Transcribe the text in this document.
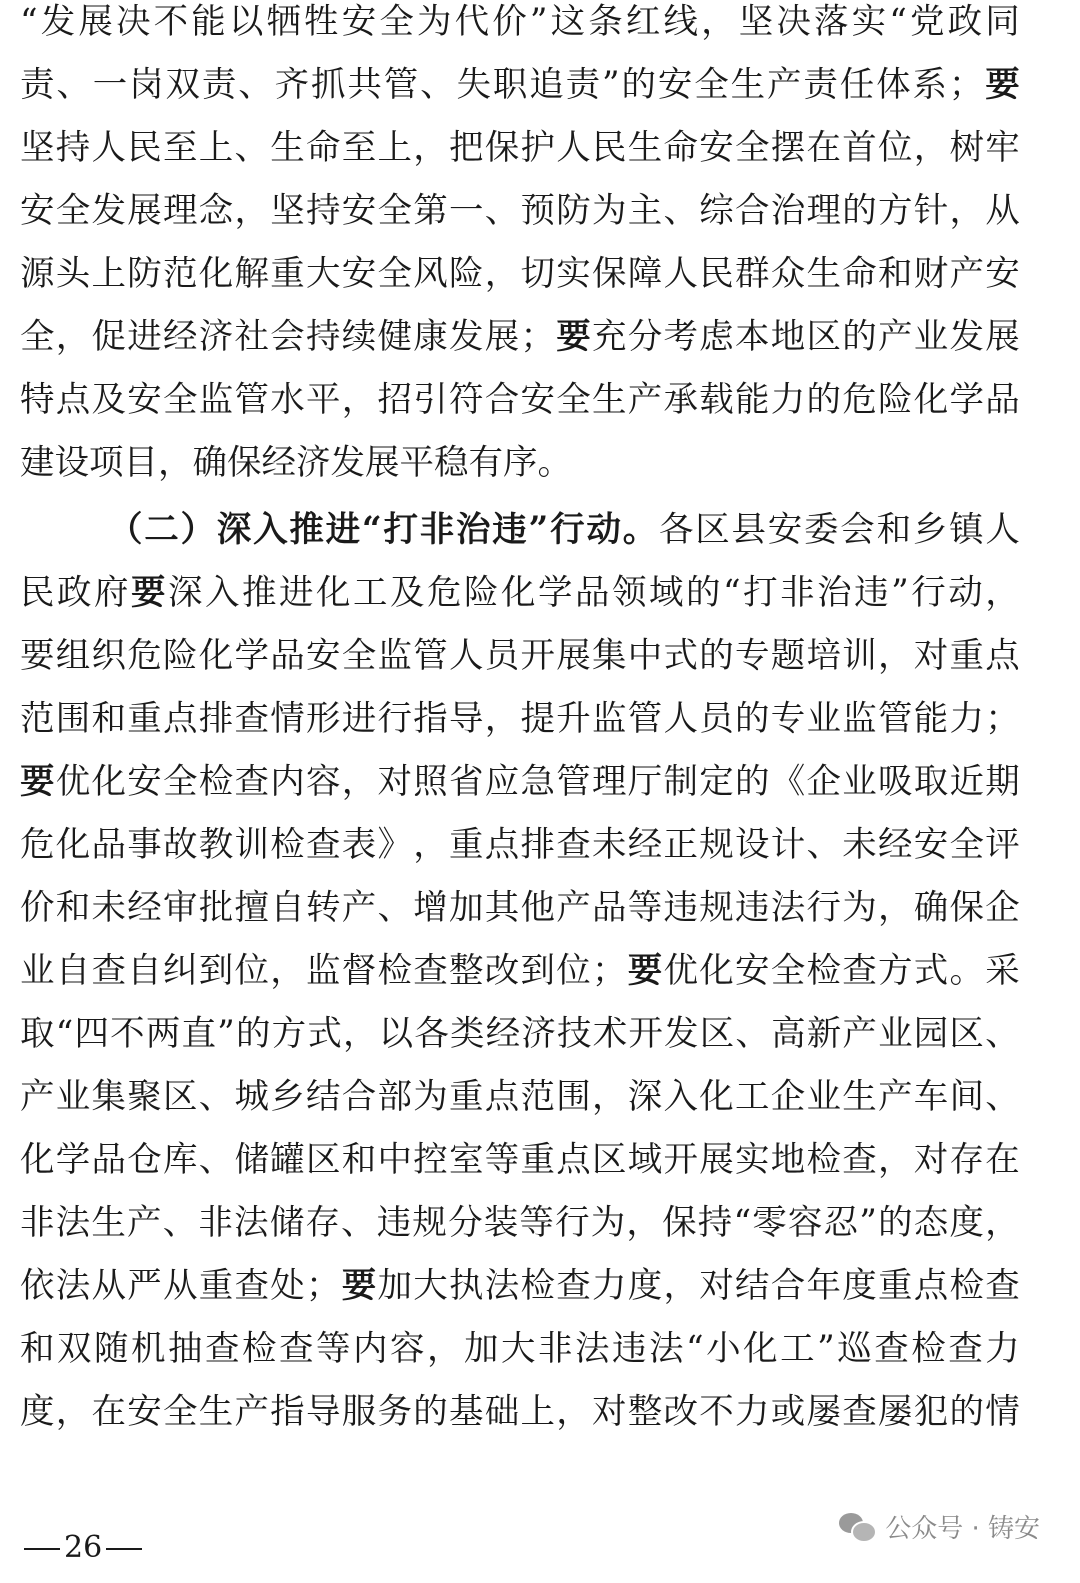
“ 发 展 决 不 能 以 牺 牲 安 全 为 代 价 ” 这 条 红 线 ， 坚 决 落 实 “ 党 政 同
责 、 一 岗 双 责 、 齐 抓 共 管 、 失 职 追 责 ” 的 安 全 生 产 责 任 体 系 ； 要
坚 持 人 民 至 上 、 生 命 至 上 ， 把 保 护 人 民 生 命 安 全 摆 在 首 位 ， 树 牢
安 全 发 展 理 念 ， 坚 持 安 全 第 一 、 预 防 为 主 、 综 合 治 理 的 方 针 ， 从
源 头 上 防 范 化 解 重 大 安 全 风 险 ， 切 实 保 障 人 民 群 众 生 命 和 财 产 安
全 ， 促 进 经 济 社 会 持 续 健 康 发 展 ； 要 充 分 考 虑 本 地 区 的 产 业 发 展
特 点 及 安 全 监 管 水 平 ， 招 引 符 合 安 全 生 产 承 载 能 力 的 危 险 化 学 品
建 设 项 目 ， 确 保 经 济 发 展 平 稳 有 序 。
（ 二 ） 深 入 推 进 “ 打 非 治 违 ” 行 动 。 各 区 县 安 委 会 和 乡 镇 人
民 政 府 要 深 入 推 进 化 工 及 危 险 化 学 品 领 域 的 “ 打 非 治 违 ” 行 动 ，
要 组 织 危 险 化 学 品 安 全 监 管 人 员 开 展 集 中 式 的 专 题 培 训 ， 对 重 点
范 围 和 重 点 排 查 情 形 进 行 指 导 ， 提 升 监 管 人 员 的 专 业 监 管 能 力 ；
要 优 化 安 全 检 查 内 容 ， 对 照 省 应 急 管 理 厅 制 定 的 《 企 业 吸 取 近 期
危 化 品 事 故 教 训 检 查 表 》 ， 重 点 排 查 未 经 正 规 设 计 、 未 经 安 全 评
价 和 未 经 审 批 擅 自 转 产 、 增 加 其 他 产 品 等 违 规 违 法 行 为 ， 确 保 企
业 自 查 自 纠 到 位 ， 监 督 检 查 整 改 到 位 ； 要 优 化 安 全 检 查 方 式 。 采
取 “ 四 不 两 直 ” 的 方 式 ， 以 各 类 经 济 技 术 开 发 区 、 高 新 产 业 园 区 、
产 业 集 聚 区 、 城 乡 结 合 部 为 重 点 范 围 ， 深 入 化 工 企 业 生 产 车 间 、
化 学 品 仓 库 、 储 罐 区 和 中 控 室 等 重 点 区 域 开 展 实 地 检 查 ， 对 存 在
非 法 生 产 、 非 法 储 存 、 违 规 分 装 等 行 为 ， 保 持 “ 零 容 忍 ” 的 态 度 ，
依 法 从 严 从 重 查 处 ； 要 加 大 执 法 检 查 力 度 ， 对 结 合 年 度 重 点 检 查
和 双 随 机 抽 查 检 查 等 内 容 ， 加 大 非 法 违 法 “ 小 化 工 ” 巡 查 检 查 力
度 ， 在 安 全 生 产 指 导 服 务 的 基 础 上 ， 对 整 改 不 力 或 屡 查 屡 犯 的 情
26
公众号 · 铸安
